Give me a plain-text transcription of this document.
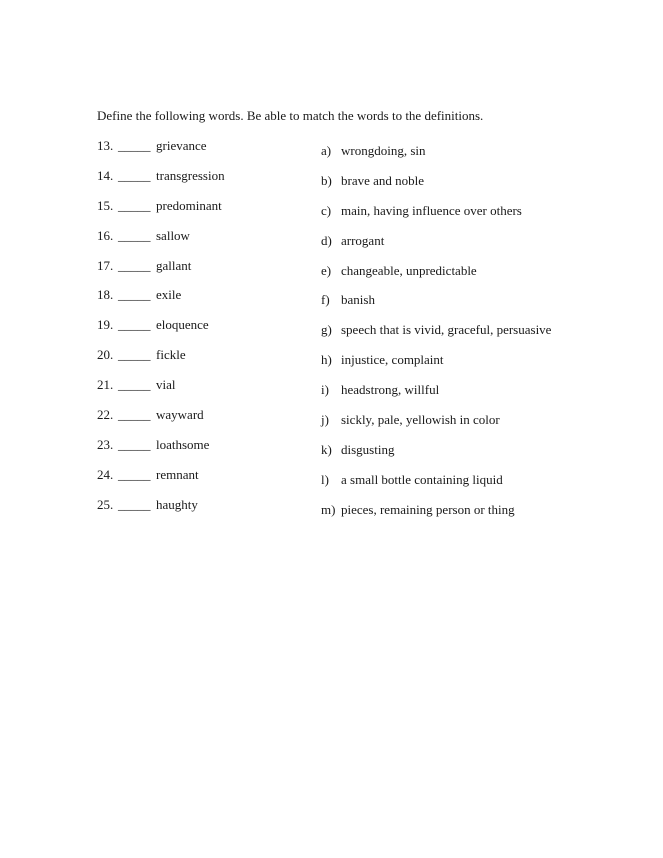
Define the following words. Be able to match the words to the definitions.

13. _____ grievance
14. _____ transgression
15. _____ predominant
16. _____ sallow
17. _____ gallant
18. _____ exile
19. _____ eloquence
20. _____ fickle
21. _____ vial
22. _____ wayward
23. _____ loathsome
24. _____ remnant
25. _____ haughty
a) wrongdoing, sin
b) brave and noble
c) main, having influence over others
d) arrogant
e) changeable, unpredictable
f) banish
g) speech that is vivid, graceful, persuasive
h) injustice, complaint
i) headstrong, willful
j) sickly, pale, yellowish in color
k) disgusting
l) a small bottle containing liquid
m) pieces, remaining person or thing
